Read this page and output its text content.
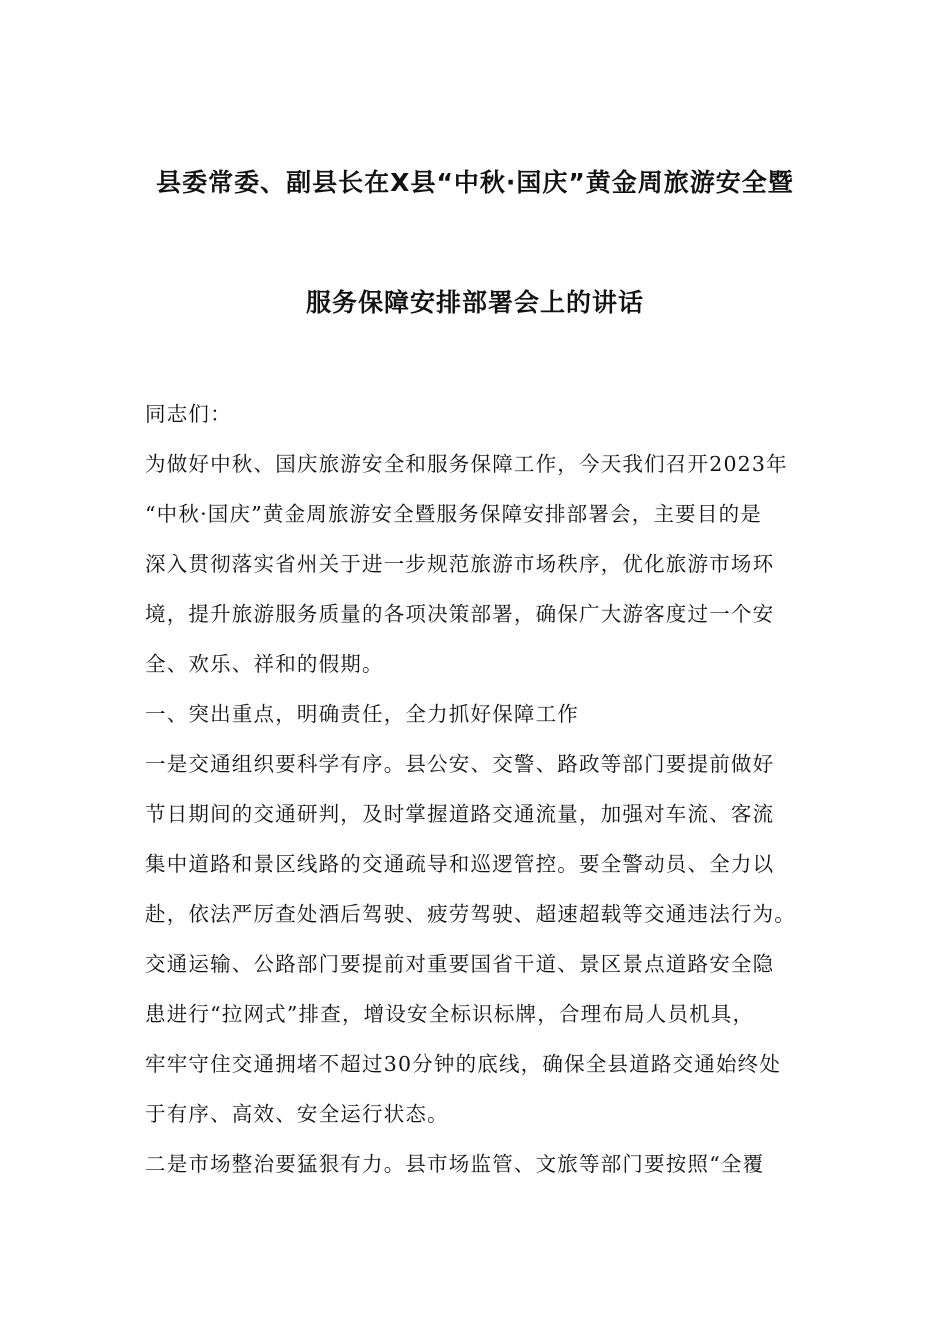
县委常委、副县长在X县“中秋·国庆”黄金周旅游安全暨
服务保障安排部署会上的讲话
同志们：
为做好中秋、国庆旅游安全和服务保障工作，今天我们召开2023年
“中秋·国庆”黄金周旅游安全暨服务保障安排部署会，主要目的是
深入贯彻落实省州关于进一步规范旅游市场秩序，优化旅游市场环
境，提升旅游服务质量的各项决策部署，确保广大游客度过一个安
全、欢乐、祥和的假期。
一、突出重点，明确责任，全力抓好保障工作
一是交通组织要科学有序。县公安、交警、路政等部门要提前做好
节日期间的交通研判，及时掌握道路交通流量，加强对车流、客流
集中道路和景区线路的交通疏导和巡逻管控。要全警动员、全力以
赴，依法严厉查处酒后驾驶、疲劳驾驶、超速超载等交通违法行为。
交通运输、公路部门要提前对重要国省干道、景区景点道路安全隐
患进行“拉网式”排查，增设安全标识标牌，合理布局人员机具，
牢牢守住交通拥堵不超过30分钟的底线，确保全县道路交通始终处
于有序、高效、安全运行状态。
二是市场整治要猛狠有力。县市场监管、文旅等部门要按照“全覆
